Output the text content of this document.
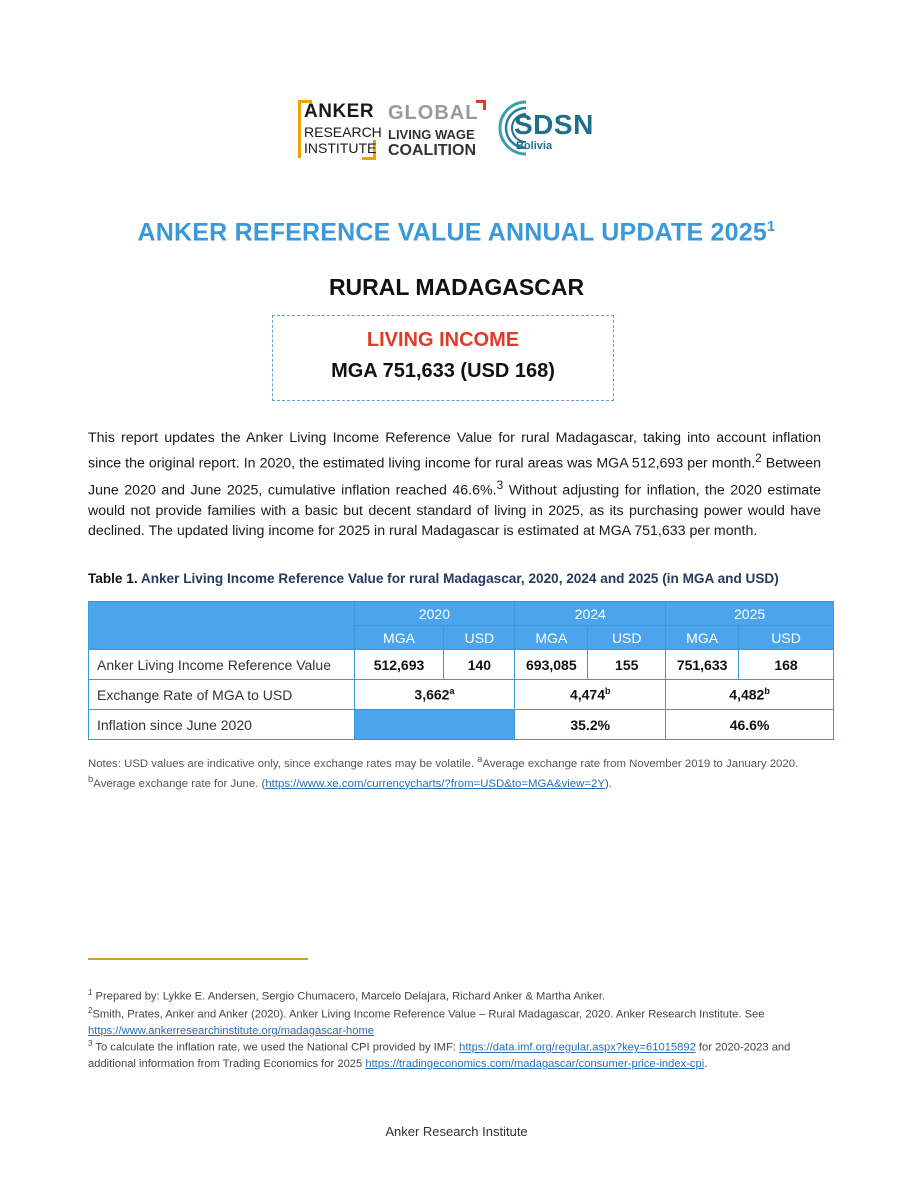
ANKER
RESEARCH
INSTITUTE
GLOBAL
LIVING WAGE
COALITION
SDSN
Bolivia
ANKER REFERENCE VALUE ANNUAL UPDATE 2025$^1$
RURAL MADAGASCAR
LIVING INCOME
MGA 751,633 (USD 168)
This report updates the Anker Living Income Reference Value for rural Madagascar, taking into account inflation since the original report. In 2020, the estimated living income for rural areas was MGA 512,693 per month.$^2$ Between June 2020 and June 2025, cumulative inflation reached 46.6%.$^3$ Without adjusting for inflation, the 2020 estimate would not provide families with a basic but decent standard of living in 2025, as its purchasing power would have declined. The updated living income for 2025 in rural Madagascar is estimated at MGA 751,633 per month.
Table 1. Anker Living Income Reference Value for rural Madagascar, 2020, 2024 and 2025 (in MGA and USD)
	2020		2024		2025	
	MGA	USD	MGA	USD	MGA	USD
Anker Living Income Reference Value	512,693	140	693,085	155	751,633	168
Exchange Rate of MGA to USD	3,662$^a$		4,474$^b$		4,482$^b$
Inflation since June 2020			35.2%		46.6%	
Notes: USD values are indicative only, since exchange rates may be volatile. $^a$Average exchange rate from November 2019 to January 2020. $^b$Average exchange rate for June. (https://www.xe.com/currencycharts/?from=USD&to=MGA&view=2Y).
$^1$ Prepared by: Lykke E. Andersen, Sergio Chumacero, Marcelo Delajara, Richard Anker & Martha Anker.
$^2$Smith, Prates, Anker and Anker (2020). Anker Living Income Reference Value – Rural Madagascar, 2020. Anker Research Institute. See https://www.ankerresearchinstitute.org/madagascar-home
$^3$ To calculate the inflation rate, we used the National CPI provided by IMF: https://data.imf.org/regular.aspx?key=61015892 for 2020-2023 and additional information from Trading Economics for 2025 https://tradingeconomics.com/madagascar/consumer-price-index-cpi.
Anker Research Institute
